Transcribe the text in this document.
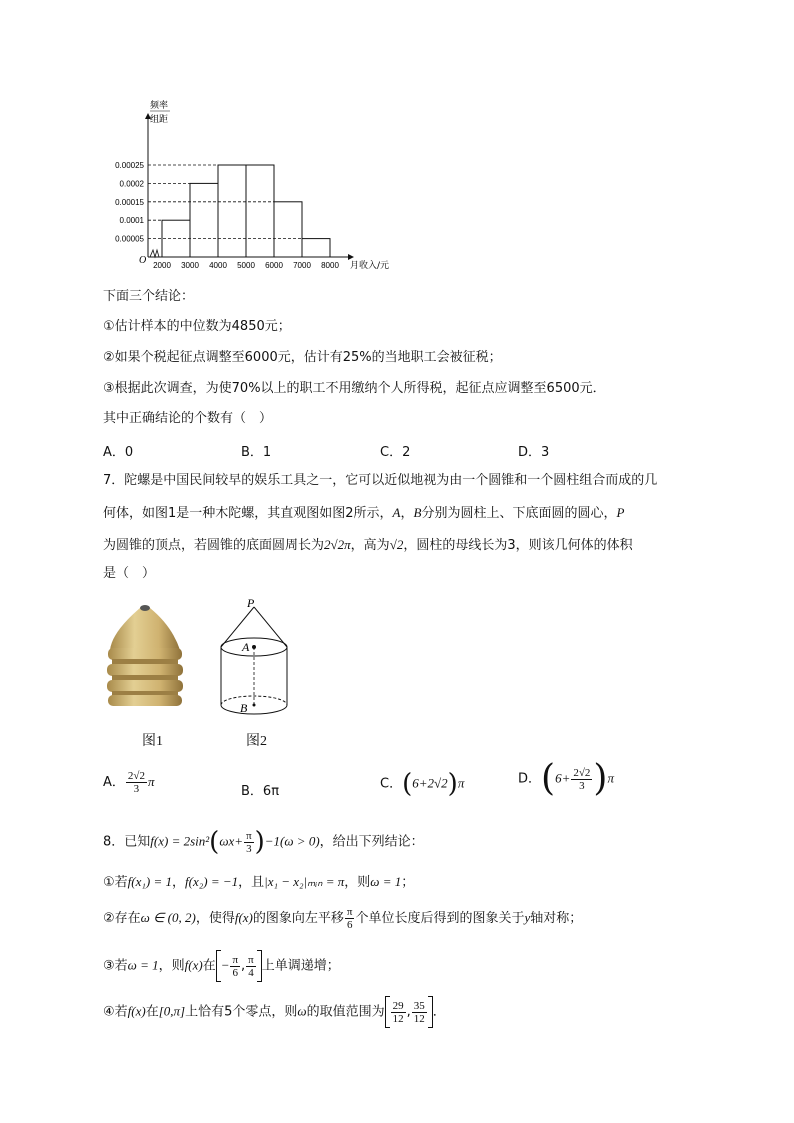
0.00025
0.0002
0.00015
0.0001
0.00005
2000 3000 4000 5000 6000 7000 8000
O
频率
组距
月收入/元
下面三个结论：
①估计样本的中位数为4850元；
②如果个税起征点调整至6000元，估计有25%的当地职工会被征税；
③根据此次调查，为使70%以上的职工不用缴纳个人所得税，起征点应调整至6500元．
其中正确结论的个数有（　）
A．0	B．1	C．2	D．3
7．陀螺是中国民间较早的娱乐工具之一，它可以近似地视为由一个圆锥和一个圆柱组合而成的几
何体，如图1是一种木陀螺，其直观图如图2所示，A，B分别为圆柱上、下底面圆的圆心，P
为圆锥的顶点，若圆锥的底面圆周长为2√2π，高为√2，圆柱的母线长为3，则该几何体的体积
是（　）
P
A
B
图1	图2
A． $\frac{2√2}{3}$ π
B．6π	C．(6+2√2)π	D．$(6+ \frac{2√2}{3} )\pi$
8．已知$f(x) = 2\sin^2(\omega x+ \frac{\pi}{3} )-1(\omega > 0)$，给出下列结论：
①若f(x₁) = 1，f(x₂) = −1，且|x₁ − x₂|ₘᵢₙ = π，则ω = 1；
②存在ω ∈ (0, 2)，使得f(x)的图象向左平移 $\frac{\pi}{6}$ 个单位长度后得到的图象关于y轴对称；
③若ω = 1，则f(x)在 − $\frac{\pi}{6}$ , $\frac{\pi}{4}$ 上单调递增；
④若f(x)在[0,π]上恰有5个零点，则ω的取值范围为 $\frac{29}{12}$ , $\frac{35}{12}$ ．
